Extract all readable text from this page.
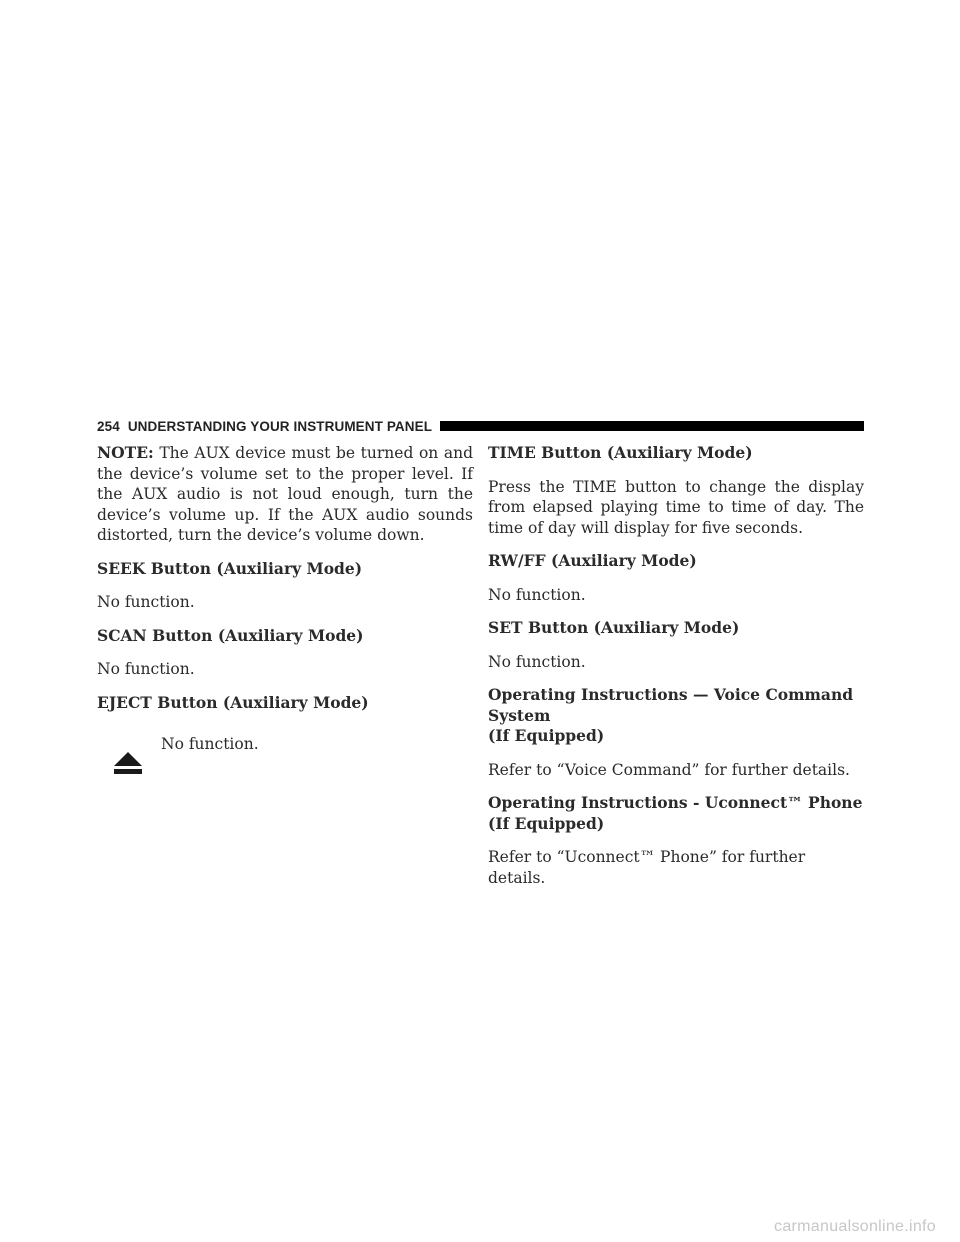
254 UNDERSTANDING YOUR INSTRUMENT PANEL

NOTE: The AUX device must be turned on and the device’s volume set to the proper level. If the AUX audio is not loud enough, turn the device’s volume up. If the AUX audio sounds distorted, turn the device’s volume down.

SEEK Button (Auxiliary Mode)

No function.

SCAN Button (Auxiliary Mode)

No function.

EJECT Button (Auxiliary Mode)
No function.
TIME Button (Auxiliary Mode)

Press the TIME button to change the display from elapsed playing time to time of day. The time of day will display for five seconds.

RW/FF (Auxiliary Mode)

No function.

SET Button (Auxiliary Mode)

No function.

Operating Instructions — Voice Command System
(If Equipped)

Refer to “Voice Command” for further details.

Operating Instructions - Uconnect™ Phone
(If Equipped)

Refer to “Uconnect™ Phone” for further details.

carmanualsonline.info
